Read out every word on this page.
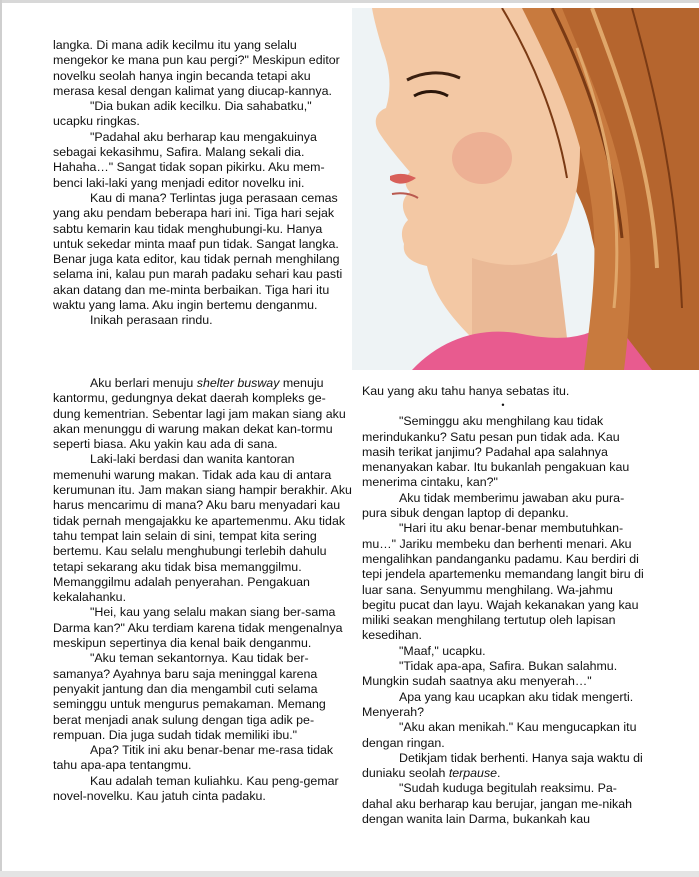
langka. Di mana adik kecilmu itu yang selalu mengekor ke mana pun kau pergi?" Meskipun editor novelku seolah hanya ingin becanda tetapi aku merasa kesal dengan kalimat yang diucap-kannya.

"Dia bukan adik kecilku. Dia sahabatku," ucapku ringkas.

"Padahal aku berharap kau mengakuinya sebagai kekasihmu, Safira. Malang sekali dia. Hahaha…" Sangat tidak sopan pikirku. Aku mem-benci laki-laki yang menjadi editor novelku ini.

Kau di mana? Terlintas juga perasaan cemas yang aku pendam beberapa hari ini. Tiga hari sejak sabtu kemarin kau tidak menghubungi-ku. Hanya untuk sekedar minta maaf pun tidak. Sangat langka. Benar juga kata editor, kau tidak pernah menghilang selama ini, kalau pun marah padaku sehari kau pasti akan datang dan me-minta berbaikan. Tiga hari itu waktu yang lama. Aku ingin bertemu denganmu.

Inikah perasaan rindu.

Aku berlari menuju shelter busway menuju kantormu, gedungnya dekat daerah kompleks ge-dung kementrian. Sebentar lagi jam makan siang aku akan menunggu di warung makan dekat kan-tormu seperti biasa. Aku yakin kau ada di sana.

Laki-laki berdasi dan wanita kantoran memenuhi warung makan. Tidak ada kau di antara kerumunan itu. Jam makan siang hampir berakhir. Aku harus mencarimu di mana? Aku baru menyadari kau tidak pernah mengajakku ke apartemenmu. Aku tidak tahu tempat lain selain di sini, tempat kita sering bertemu. Kau selalu menghubungi terlebih dahulu tetapi sekarang aku tidak bisa memanggilmu. Memanggilmu adalah penyerahan. Pengakuan kekalahanku.

"Hei, kau yang selalu makan siang ber-sama Darma kan?" Aku terdiam karena tidak mengenalnya meskipun sepertinya dia kenal baik denganmu.

"Aku teman sekantornya. Kau tidak ber-samanya? Ayahnya baru saja meninggal karena penyakit jantung dan dia mengambil cuti selama seminggu untuk mengurus pemakaman. Memang berat menjadi anak sulung dengan tiga adik pe-rempuan. Dia juga sudah tidak memiliki ibu."

Apa? Titik ini aku benar-benar me-rasa tidak tahu apa-apa tentangmu.

Kau adalah teman kuliahku. Kau peng-gemar novel-novelku. Kau jatuh cinta padaku.

Kau yang aku tahu hanya sebatas itu.

•

"Seminggu aku menghilang kau tidak merindukanku? Satu pesan pun tidak ada. Kau masih terikat janjimu? Padahal apa salahnya menanyakan kabar. Itu bukanlah pengakuan kau menerima cintaku, kan?"

Aku tidak memberimu jawaban aku pura-pura sibuk dengan laptop di depanku.

"Hari itu aku benar-benar membutuhkan-mu…" Jariku membeku dan berhenti menari. Aku mengalihkan pandanganku padamu. Kau berdiri di tepi jendela apartemenku memandang langit biru di luar sana. Senyummu menghilang. Wa-jahmu begitu pucat dan layu. Wajah kekanakan yang kau miliki seakan menghilang tertutup oleh lapisan kesedihan.

"Maaf," ucapku.

"Tidak apa-apa, Safira. Bukan salahmu. Mungkin sudah saatnya aku menyerah…"

Apa yang kau ucapkan aku tidak mengerti. Menyerah?

"Aku akan menikah." Kau mengucapkan itu dengan ringan.

Detikjam tidak berhenti. Hanya saja waktu di duniaku seolah terpause.

"Sudah kuduga begitulah reaksimu. Pa-dahal aku berharap kau berujar, jangan me-nikah dengan wanita lain Darma, bukankah kau
